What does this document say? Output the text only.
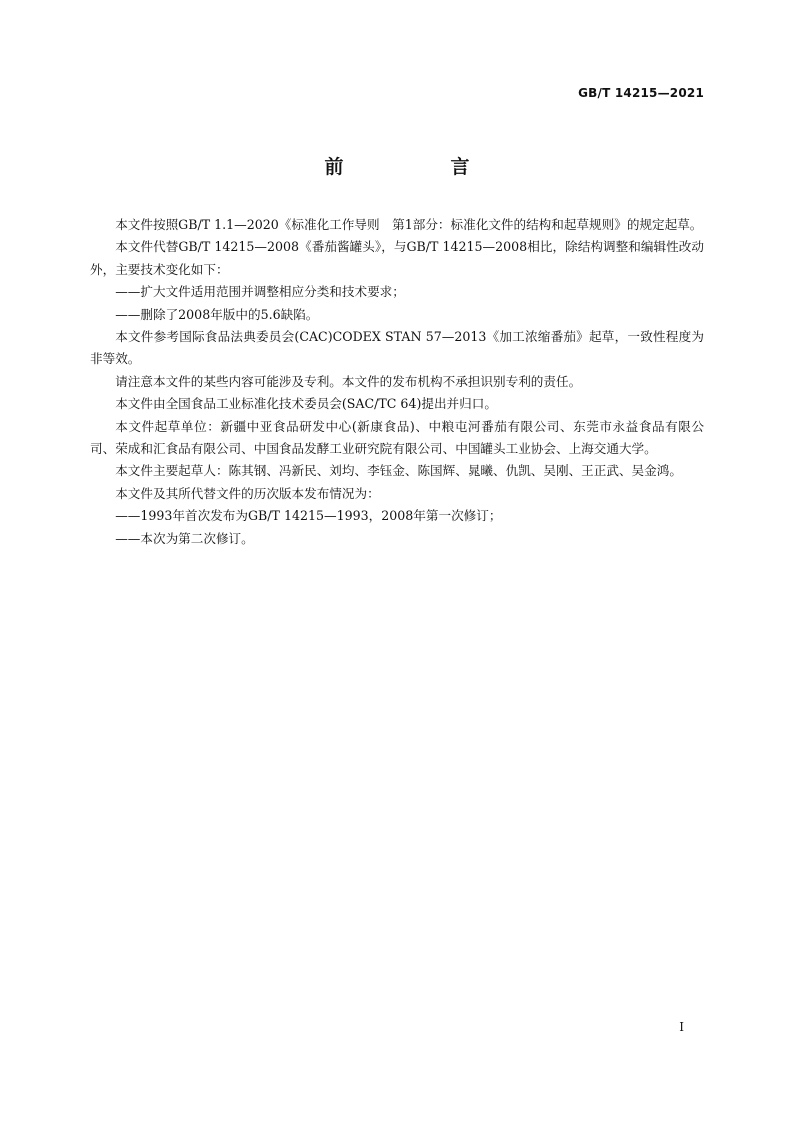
GB/T 14215—2021
前　言

本文件按照GB/T 1.1—2020《标准化工作导则　第1部分：标准化文件的结构和起草规则》的规定起草。

本文件代替GB/T 14215—2008《番茄酱罐头》，与GB/T 14215—2008相比，除结构调整和编辑性改动外，主要技术变化如下：

——扩大文件适用范围并调整相应分类和技术要求；

——删除了2008年版中的5.6缺陷。

本文件参考国际食品法典委员会(CAC)CODEX STAN 57—2013《加工浓缩番茄》起草，一致性程度为非等效。

请注意本文件的某些内容可能涉及专利。本文件的发布机构不承担识别专利的责任。

本文件由全国食品工业标准化技术委员会(SAC/TC 64)提出并归口。

本文件起草单位：新疆中亚食品研发中心(新康食品)、中粮屯河番茄有限公司、东莞市永益食品有限公司、荣成和汇食品有限公司、中国食品发酵工业研究院有限公司、中国罐头工业协会、上海交通大学。

本文件主要起草人：陈其钢、冯新民、刘均、李钰金、陈国辉、晁曦、仇凯、吴刚、王正武、吴金鸿。

本文件及其所代替文件的历次版本发布情况为：

——1993年首次发布为GB/T 14215—1993，2008年第一次修订；

——本次为第二次修订。

I
